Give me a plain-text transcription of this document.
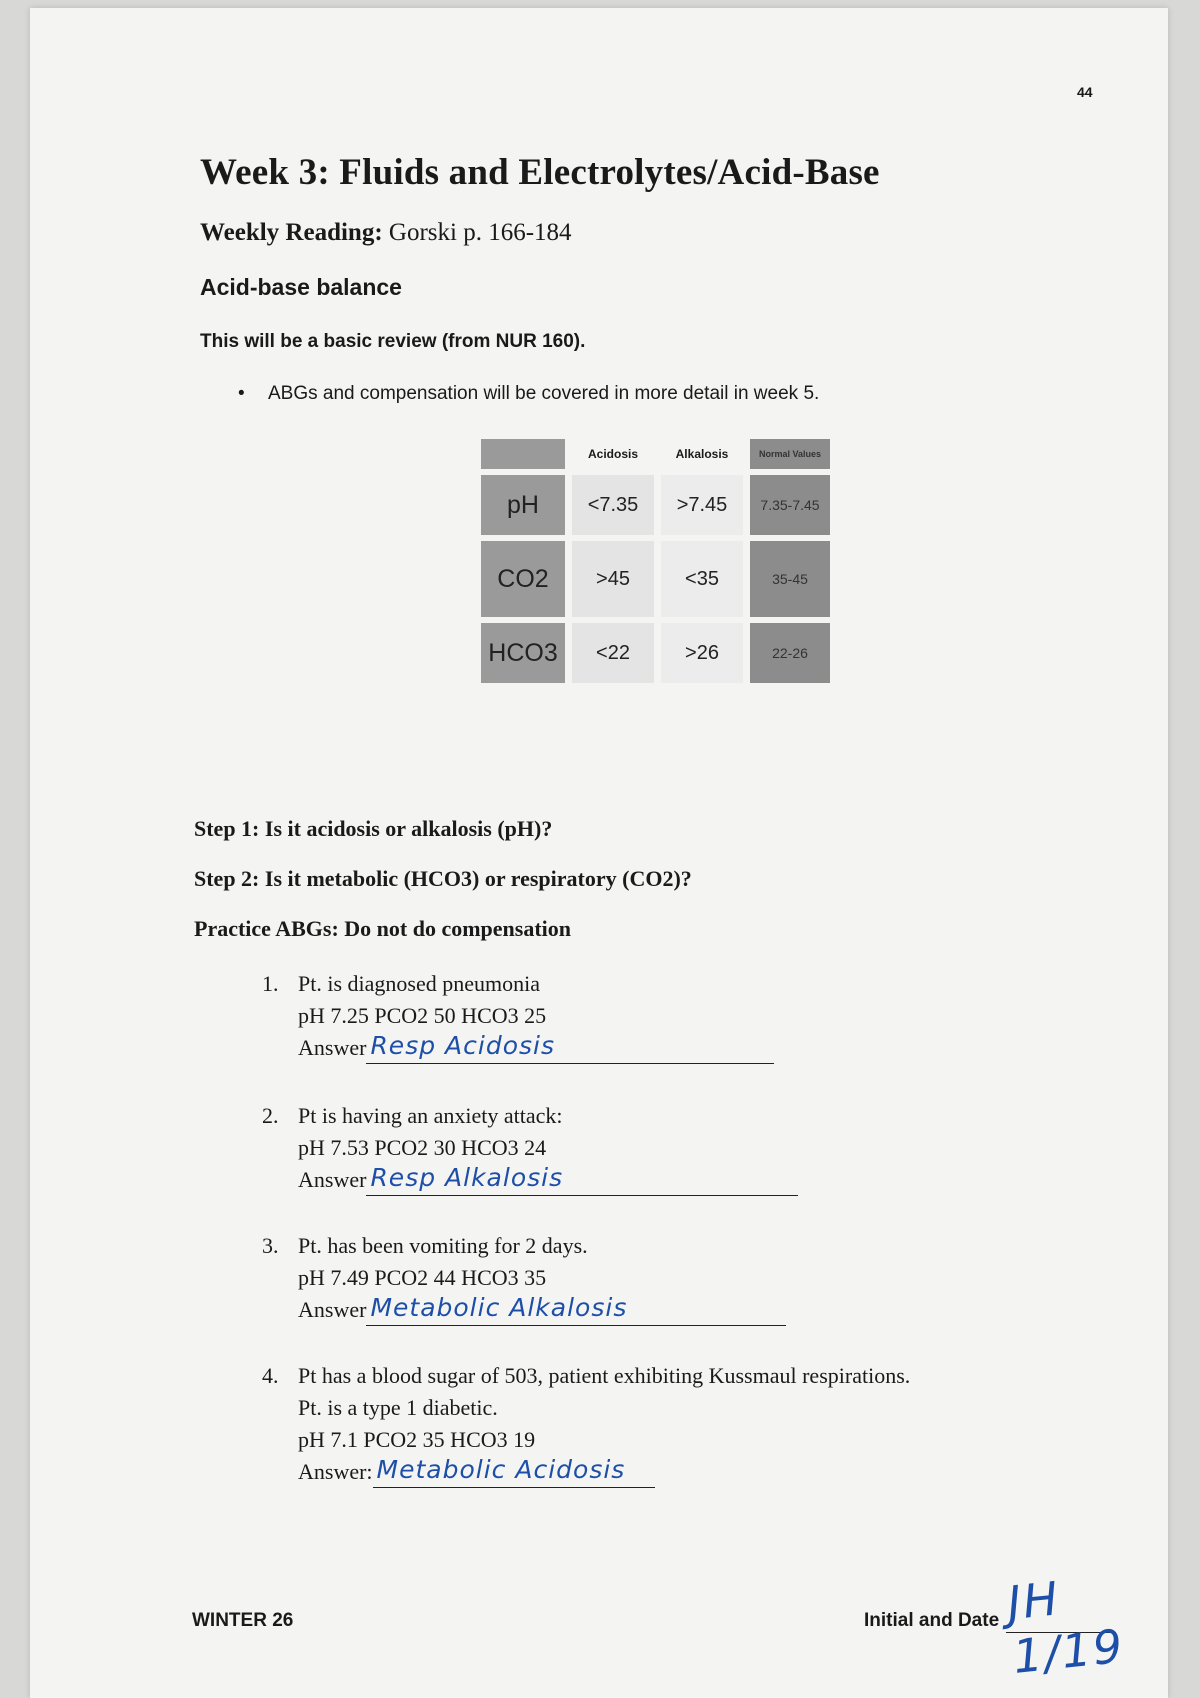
44
Week 3: Fluids and Electrolytes/Acid-Base
Weekly Reading: Gorski p. 166-184
Acid-base balance
This will be a basic review (from NUR 160).
• ABGs and compensation will be covered in more detail in week 5.
	Acidosis	Alkalosis	Normal Values
pH	<7.35	>7.45	7.35-7.45
CO2	>45	<35	35-45
HCO3	<22	>26	22-26
Step 1: Is it acidosis or alkalosis (pH)?
Step 2: Is it metabolic (HCO3) or respiratory (CO2)?
Practice ABGs: Do not do compensation
1. Pt. is diagnosed pneumonia
pH 7.25 PCO2 50 HCO3 25
Answer Resp Acidosis
2. Pt is having an anxiety attack:
pH 7.53 PCO2 30 HCO3 24
Answer Resp Alkalosis
3. Pt. has been vomiting for 2 days.
pH 7.49 PCO2 44 HCO3 35
Answer Metabolic Alkalosis
4. Pt has a blood sugar of 503, patient exhibiting Kussmaul respirations.
Pt. is a type 1 diabetic.
pH 7.1 PCO2 35 HCO3 19
Answer: Metabolic Acidosis
WINTER 26	Initial and Date JH 1/19
